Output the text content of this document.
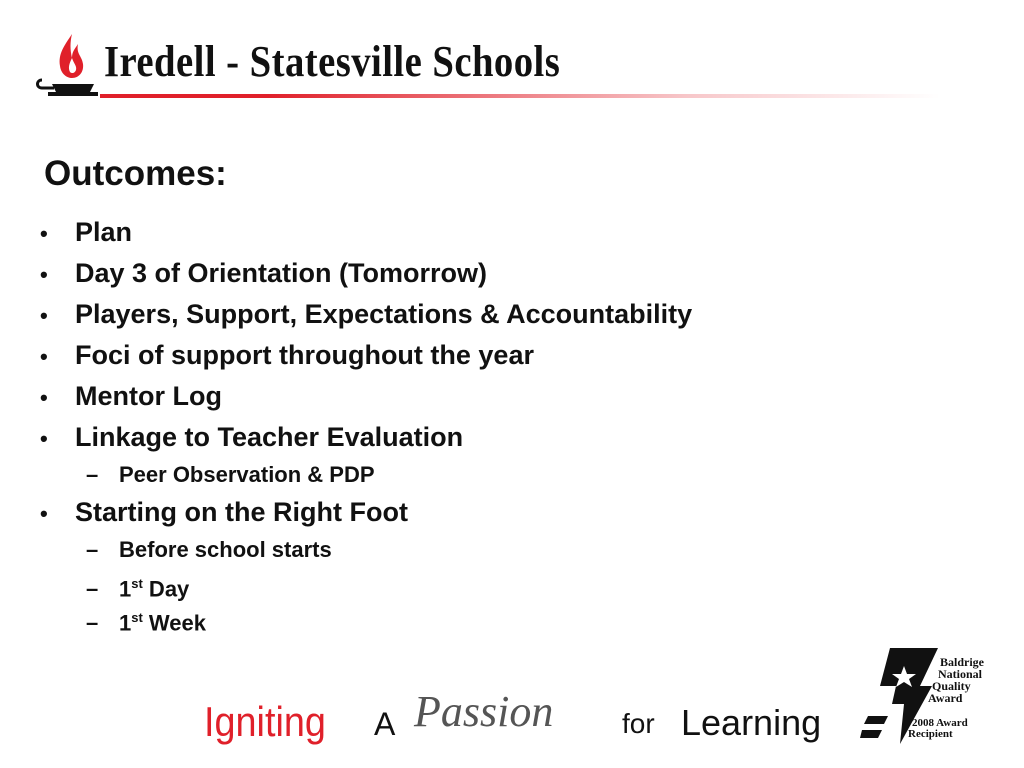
Iredell - Statesville Schools
Outcomes:
•	Plan
•	Day 3 of Orientation (Tomorrow)
•	Players, Support, Expectations & Accountability
•	Foci of support throughout the year
•	Mentor Log
•	Linkage to Teacher Evaluation
– Peer Observation & PDP
•	Starting on the Right Foot
– Before school starts
– 1st Day
– 1st Week
Igniting A Passion for Learning
Baldrige
National
Quality
Award
2008 Award
Recipient
